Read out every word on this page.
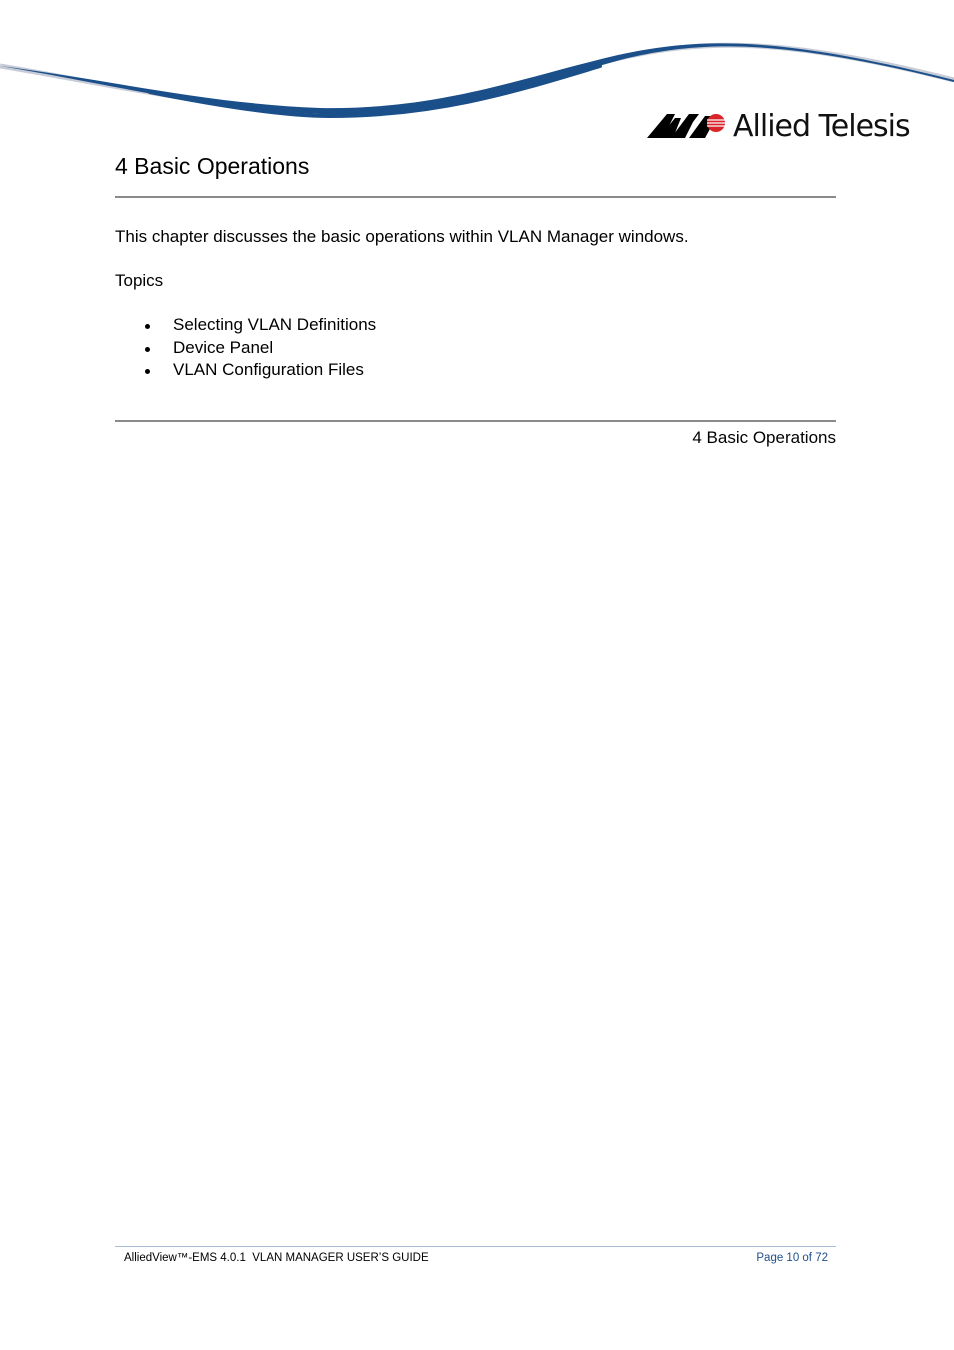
Allied Telesis
4 Basic Operations

This chapter discusses the basic operations within VLAN Manager windows.

Topics

Selecting VLAN Definitions
Device Panel
VLAN Configuration Files
4 Basic Operations
AlliedView™-EMS 4.0.1  VLAN MANAGER USER’S GUIDE	Page 10 of 72
